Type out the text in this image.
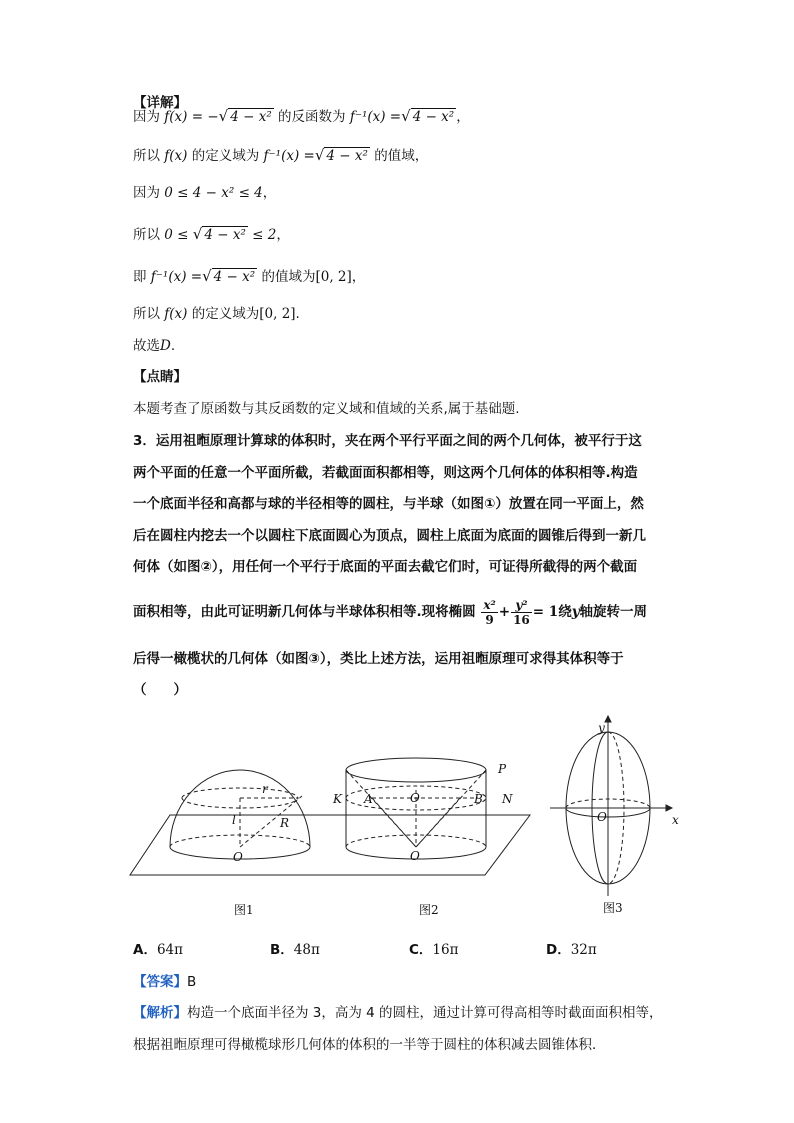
【详解】
因为 f(x) = −√ 4 − x² 的反函数为 f⁻¹(x) =√ 4 − x² ，
所以 f(x) 的定义域为 f⁻¹(x) =√ 4 − x² 的值域，
因为 0 ≤ 4 − x² ≤ 4，
所以 0 ≤ √ 4 − x² ≤ 2，
即 f⁻¹(x) =√ 4 − x² 的值域为[0, 2]，
所以 f(x) 的定义域为[0, 2].
故选D.
【点睛】
本题考查了原函数与其反函数的定义域和值域的关系,属于基础题.
3．运用祖暅原理计算球的体积时，夹在两个平行平面之间的两个几何体，被平行于这
两个平面的任意一个平面所截，若截面面积都相等，则这两个几何体的体积相等.构造
一个底面半径和高都与球的半径相等的圆柱，与半球（如图①）放置在同一平面上，然
后在圆柱内挖去一个以圆柱下底面圆心为顶点，圆柱上底面为底面的圆锥后得到一新几
何体（如图②），用任何一个平行于底面的平面去截它们时，可证得所截得的两个截面
面积相等，由此可证明新几何体与半球体积相等.现将椭圆 $\frac{\text{x²}}{9} + \frac{\text{y²}}{16} = 1$绕y轴旋转一周
后得一橄榄状的几何体（如图③），类比上述方法，运用祖暅原理可求得其体积等于
（　　）
r
l	R
O
P
K A	O	B N
O
y
x
O
图1	图2	图3
A．64π	B．48π	C．16π	D．32π
【答案】B
【解析】构造一个底面半径为 3，高为 4 的圆柱，通过计算可得高相等时截面面积相等，
根据祖暅原理可得橄榄球形几何体的体积的一半等于圆柱的体积减去圆锥体积．
